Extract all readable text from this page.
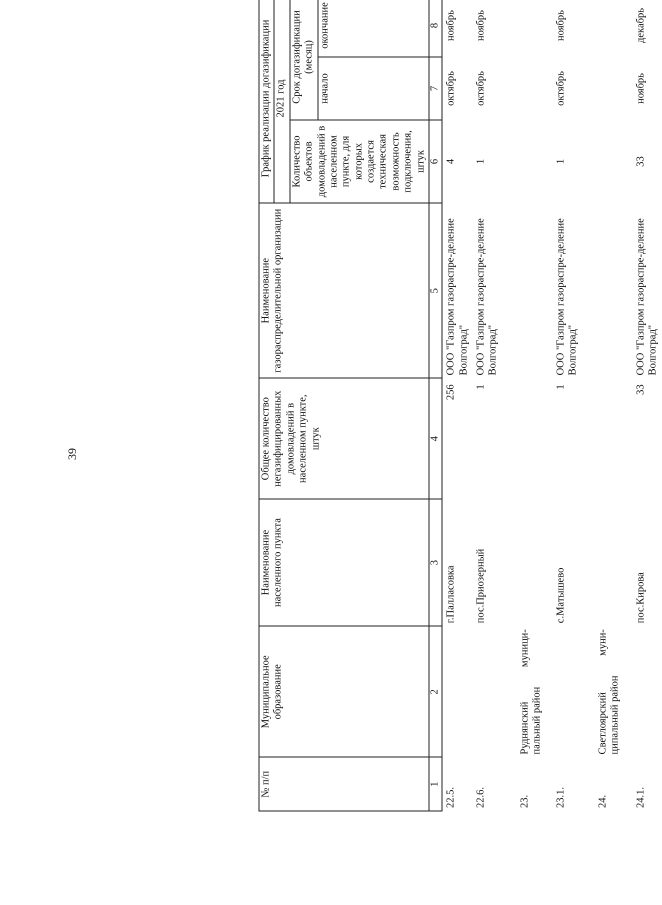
39
№ п/п	Муниципальное образование	Наименование населенного пункта	Общее количество негазифицированных домовладений в населенном пункте, штук	Наименование газораспределительной организации	График реализации догазификации		
					2021 год		
					Количество объектов домовладений в населенном пункте, для которых создается техническая возможность подключения, штук	Срок догазификации (месяц)	
						начало	окончание
1	2	3	4	5	6	7	8
22.5.		г.Палласовка	256	ООО "Газпром газораспре-деление Волгоград"	4	октябрь	ноябрь
22.6.		пос.Приозерный	1	ООО "Газпром газораспре-деление Волгоград"	1	октябрь	ноябрь
23.	Руднянский муници-пальный район						
23.1.		с.Матышево	1	ООО "Газпром газораспре-деление Волгоград"	1	октябрь	ноябрь
24.	Светлоярский муни-ципальный район						
24.1.		пос.Кирова	33	ООО "Газпром газораспре-деление Волгоград"	33	ноябрь	декабрь
